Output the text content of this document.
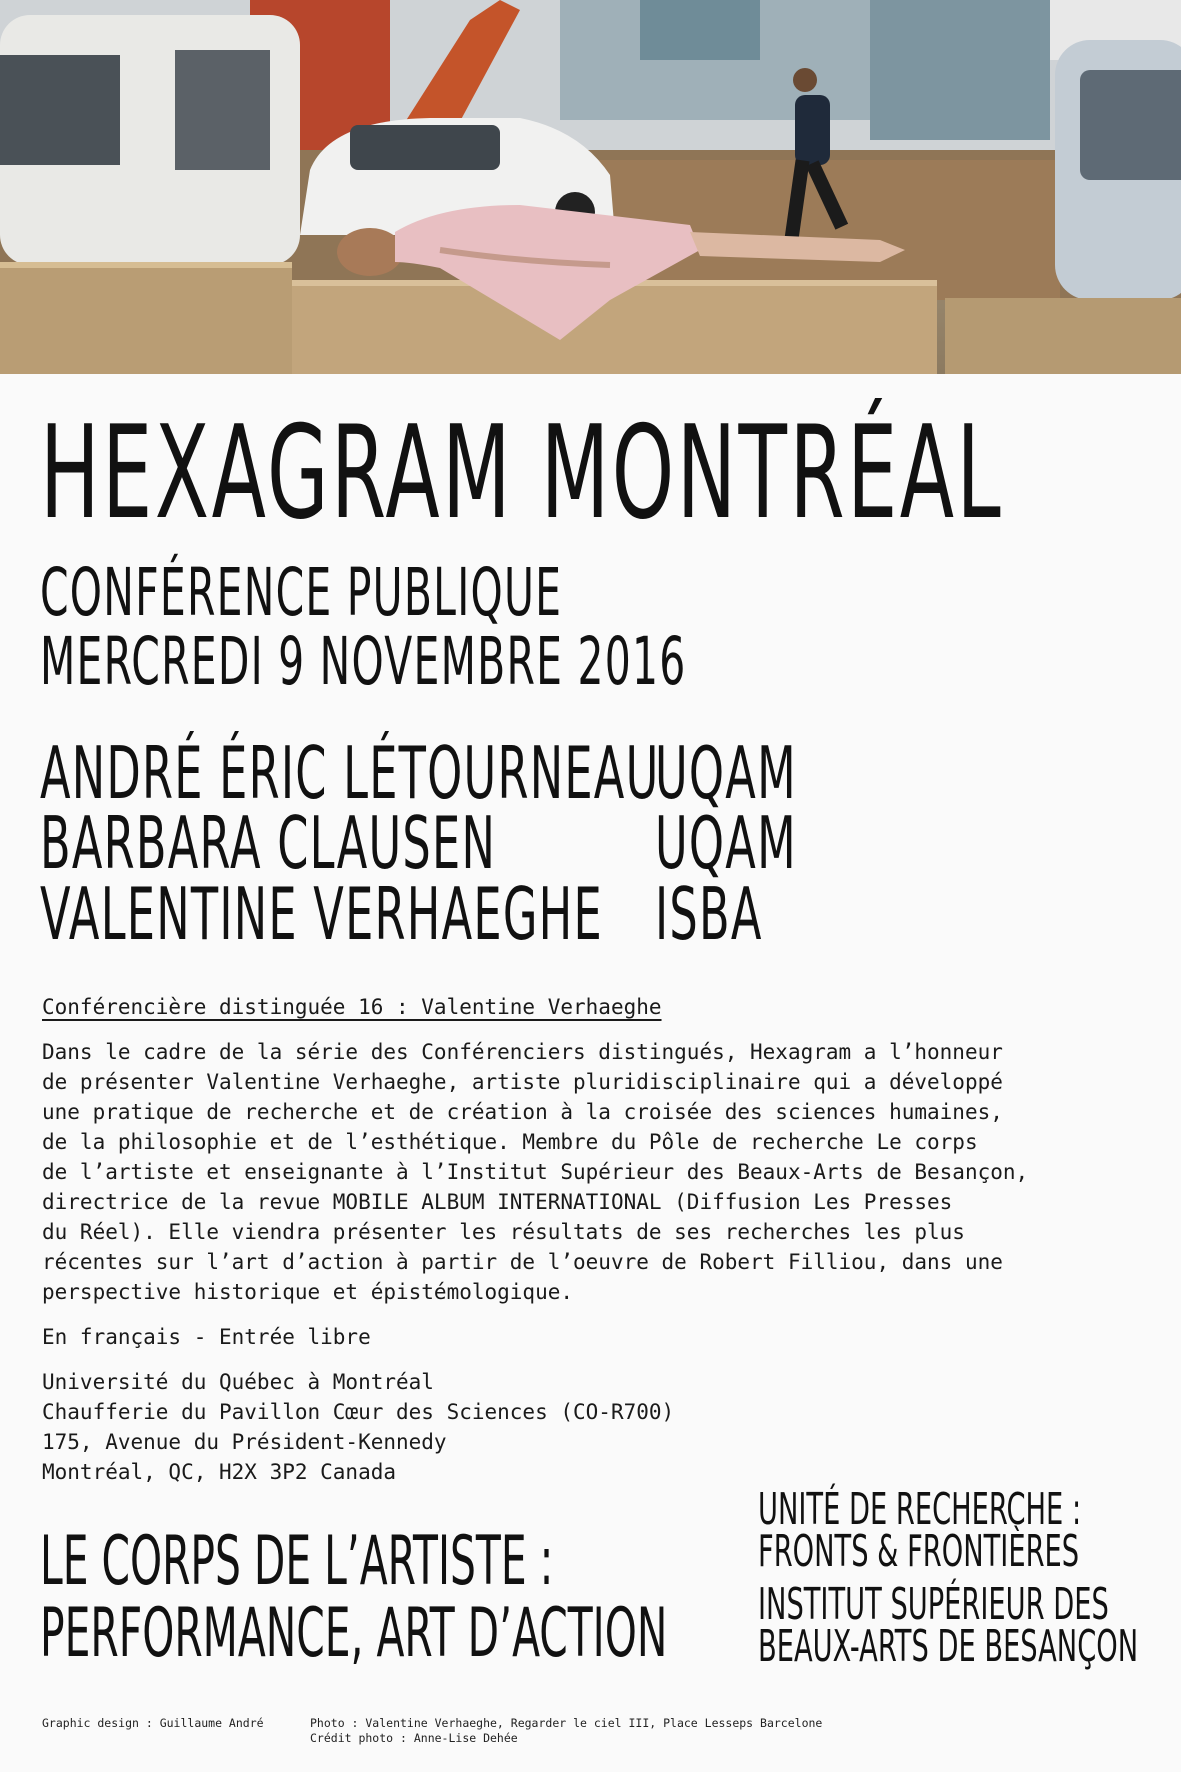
HEXAGRAM MONTRÉAL
CONFÉRENCE PUBLIQUE
MERCREDI 9 NOVEMBRE 2016
ANDRÉ ÉRIC LÉTOURNEAU
UQAM
BARBARA CLAUSEN UQAM
VALENTINE VERHAEGHE ISBA
Conférencière distinguée 16 : Valentine Verhaeghe
Dans le cadre de la série des Conférenciers distingués, Hexagram a l’honneur
de présenter Valentine Verhaeghe, artiste pluridisciplinaire qui a développé
une pratique de recherche et de création à la croisée des sciences humaines,
de la philosophie et de l’esthétique. Membre du Pôle de recherche Le corps
de l’artiste et enseignante à l’Institut Supérieur des Beaux-Arts de Besançon,
directrice de la revue MOBILE ALBUM INTERNATIONAL (Diffusion Les Presses
du Réel). Elle viendra présenter les résultats de ses recherches les plus
récentes sur l’art d’action à partir de l’oeuvre de Robert Filliou, dans une
perspective historique et épistémologique.
En français - Entrée libre
Université du Québec à Montréal
Chaufferie du Pavillon Cœur des Sciences (CO-R700)
175, Avenue du Président-Kennedy
Montréal, QC, H2X 3P2 Canada
LE CORPS DE L’ARTISTE :
PERFORMANCE, ART D’ACTION
UNITÉ DE RECHERCHE :
FRONTS & FRONTIÈRES
INSTITUT SUPÉRIEUR DES
BEAUX-ARTS DE BESANÇON
Graphic design : Guillaume André	Photo : Valentine Verhaeghe, Regarder le ciel III, Place Lesseps Barcelone
Crédit photo : Anne-Lise Dehée
